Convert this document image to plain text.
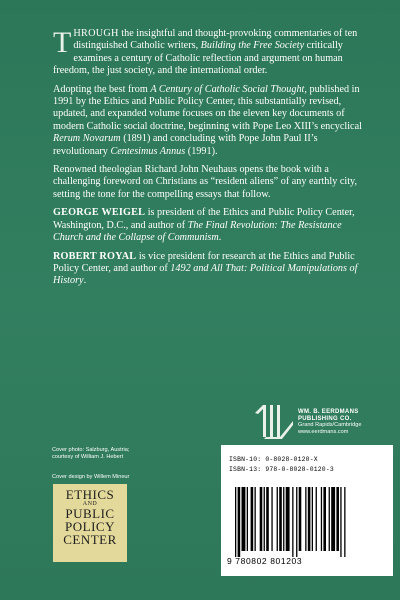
THROUGH the insightful and thought-provoking commentaries of ten distinguished Catholic writers, Building the Free Society critically examines a century of Catholic reflection and argument on human freedom, the just society, and the international order.

Adopting the best from A Century of Catholic Social Thought, published in 1991 by the Ethics and Public Policy Center, this substantially revised, updated, and expanded volume focuses on the eleven key documents of modern Catholic social doctrine, beginning with Pope Leo XIII’s encyclical Rerum Novarum (1891) and concluding with Pope John Paul II’s revolutionary Centesimus Annus (1991).

Renowned theologian Richard John Neuhaus opens the book with a challenging foreword on Christians as “resident aliens” of any earthly city, setting the tone for the compelling essays that follow.

GEORGE WEIGEL is president of the Ethics and Public Policy Center, Washington, D.C., and author of The Final Revolution: The Resistance Church and the Collapse of Communism.

ROBERT ROYAL is vice president for research at the Ethics and Public Policy Center, and author of 1492 and All That: Political Manipulations of History.

WM. B. EERDMANS
PUBLISHING CO.
Grand Rapids/Cambridge
www.eerdmans.com
Cover photo: Salzburg, Austria;
courtesy of William J. Hebert
Cover design by Willem Mineur
ETHICS
AND
PUBLIC
POLICY
CENTER
ISBN-10: 0-8028-0120-X
ISBN-13: 978-0-8028-0120-3
9 780802 801203
